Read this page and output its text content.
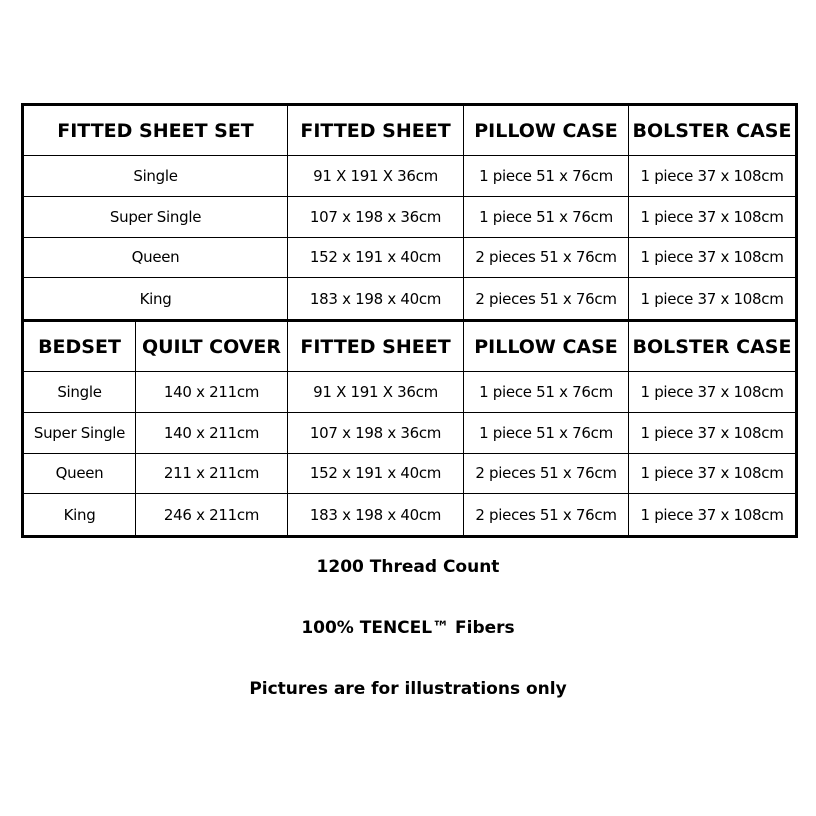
FITTED SHEET SET		FITTED SHEET	PILLOW CASE	BOLSTER CASE
Single		91 X 191 X 36cm	1 piece 51 x 76cm	1 piece 37 x 108cm
Super Single		107 x 198 x 36cm	1 piece 51 x 76cm	1 piece 37 x 108cm
Queen		152 x 191 x 40cm	2 pieces 51 x 76cm	1 piece 37 x 108cm
King		183 x 198 x 40cm	2 pieces 51 x 76cm	1 piece 37 x 108cm
BEDSET	QUILT COVER	FITTED SHEET	PILLOW CASE	BOLSTER CASE
Single	140 x 211cm	91 X 191 X 36cm	1 piece 51 x 76cm	1 piece 37 x 108cm
Super Single	140 x 211cm	107 x 198 x 36cm	1 piece 51 x 76cm	1 piece 37 x 108cm
Queen	211 x 211cm	152 x 191 x 40cm	2 pieces 51 x 76cm	1 piece 37 x 108cm
King	246 x 211cm	183 x 198 x 40cm	2 pieces 51 x 76cm	1 piece 37 x 108cm

1200 Thread Count

100% TENCEL™ Fibers

Pictures are for illustrations only
